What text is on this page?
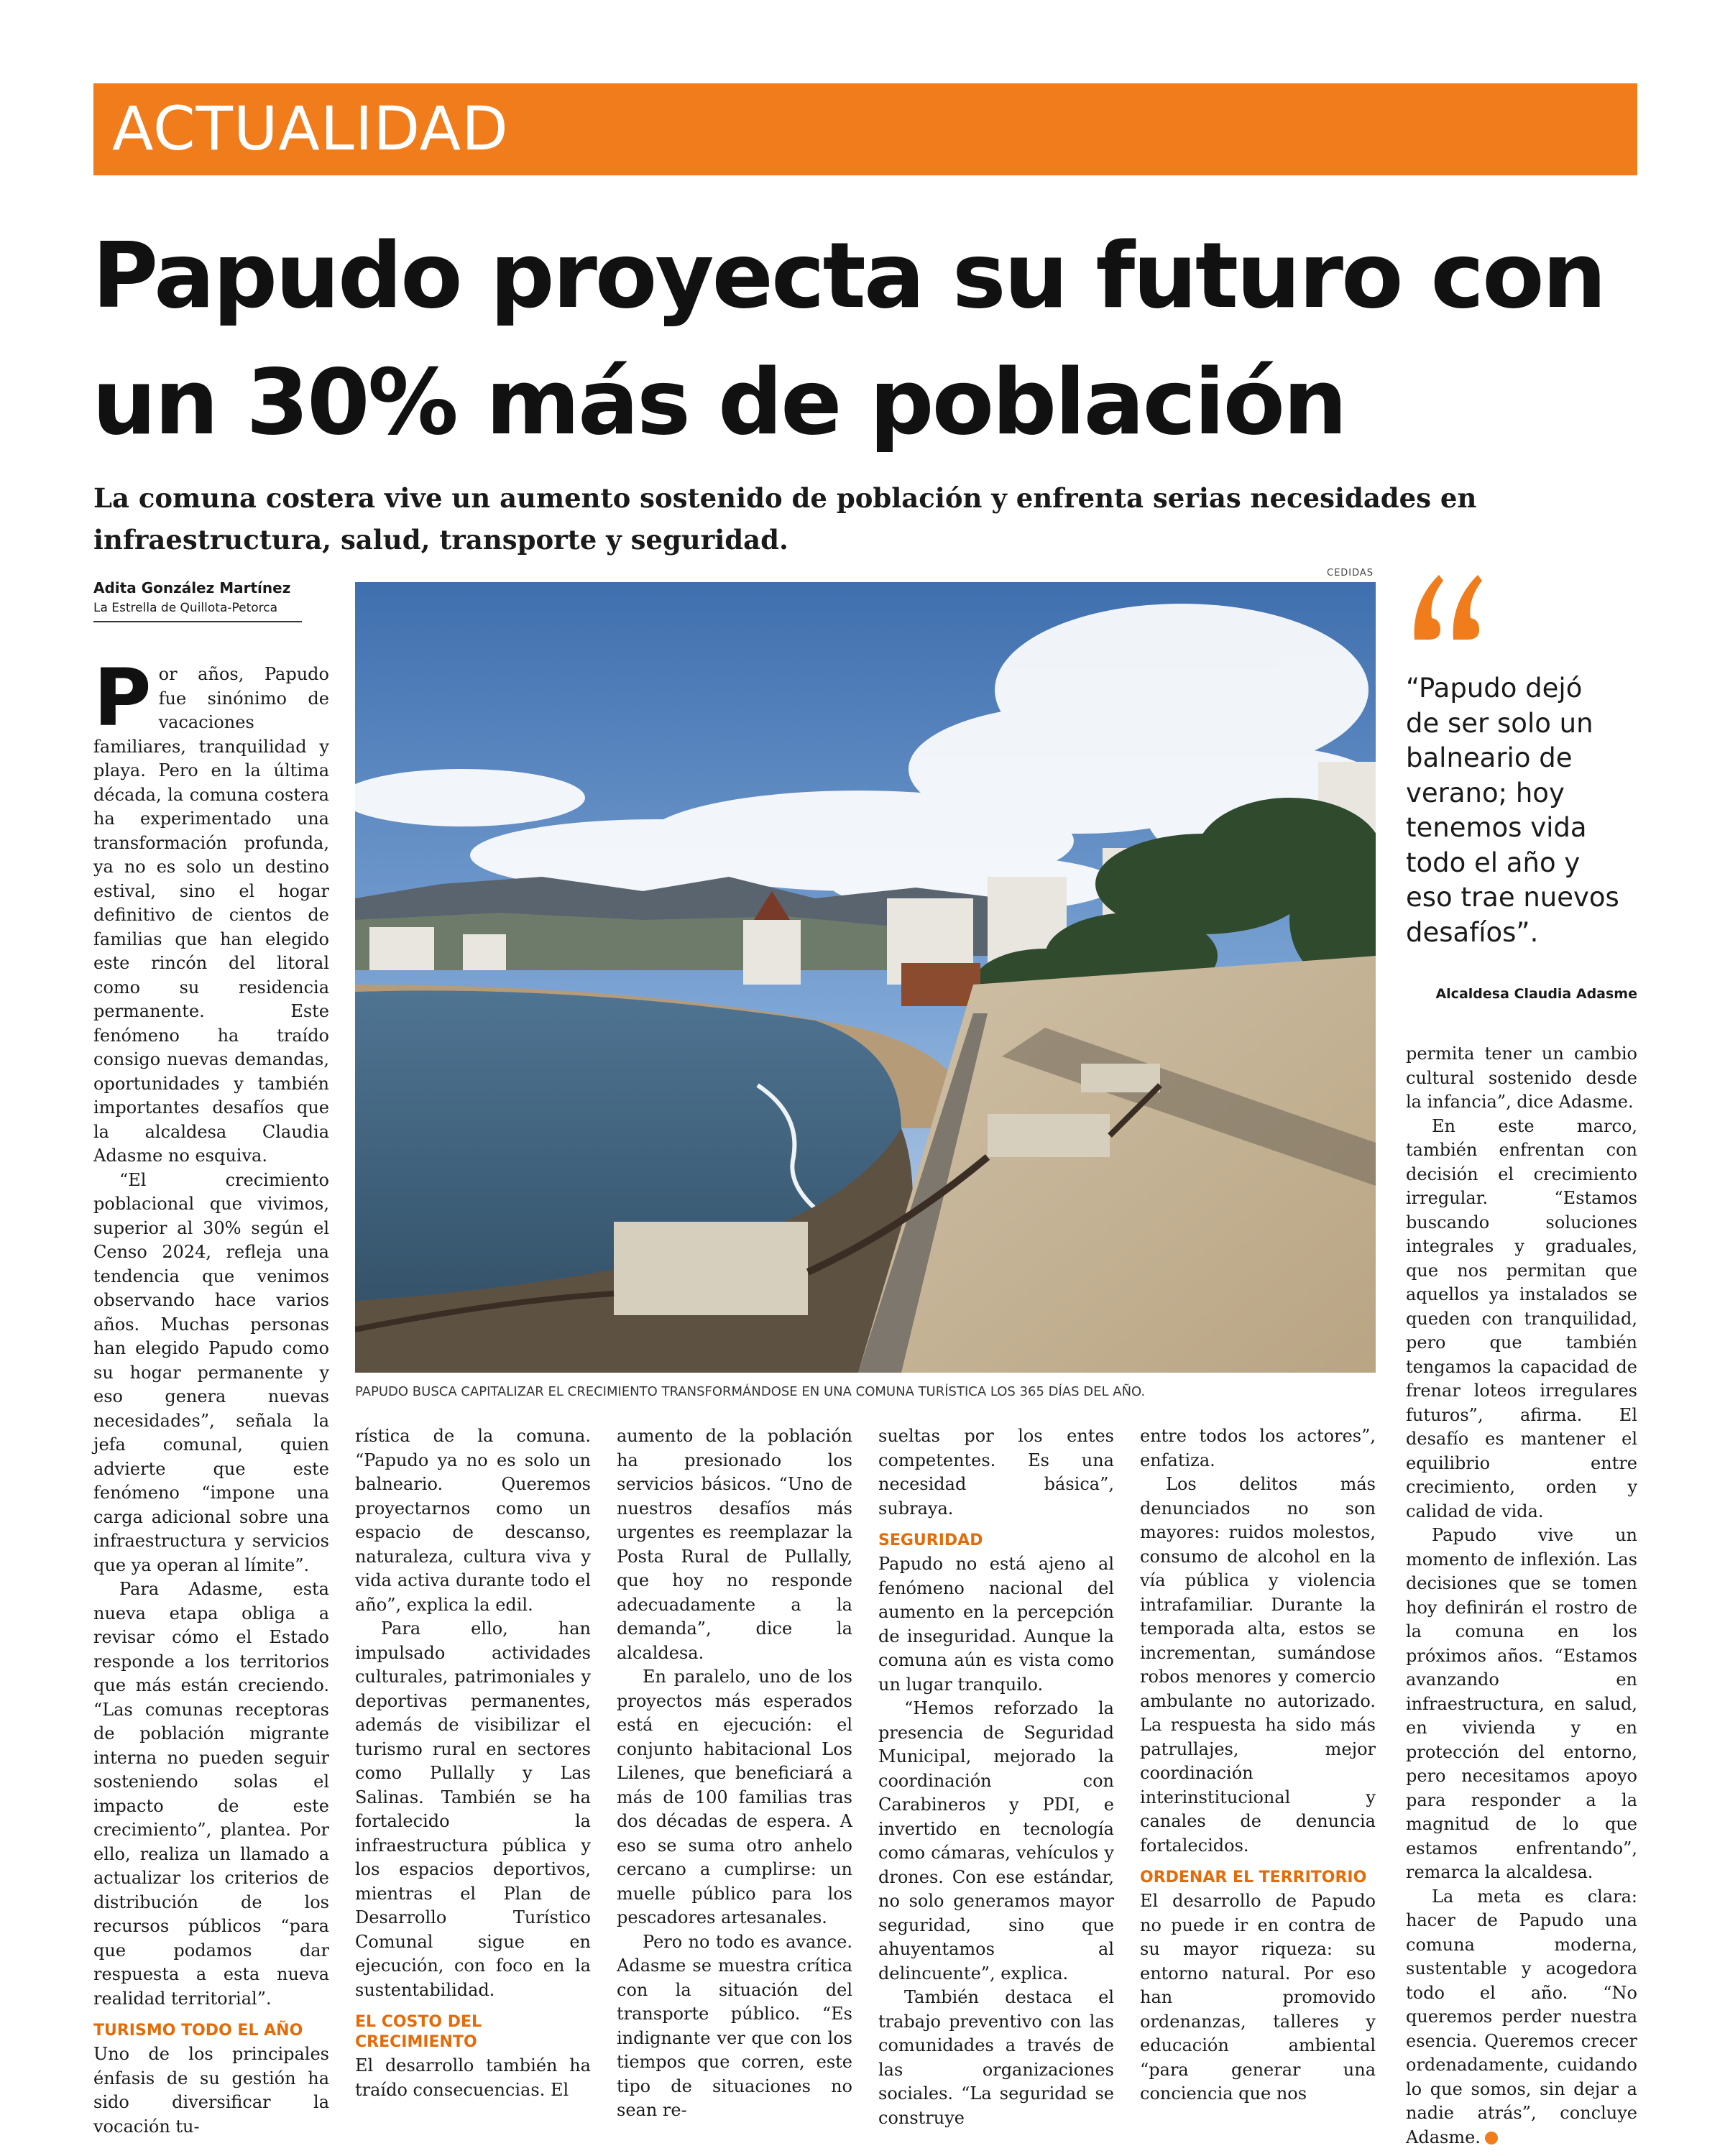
ACTUALIDAD
Papudo proyecta su futuro con
un 30% más de población

La comuna costera vive un aumento sostenido de población y enfrenta serias necesidades en infraestructura, salud, transporte y seguridad.

Adita González Martínez
La Estrella de Quillota-Petorca
CEDIDAS
PAPUDO BUSCA CAPITALIZAR EL CRECIMIENTO TRANSFORMÁNDOSE EN UNA COMUNA TURÍSTICA LOS 365 DÍAS DEL AÑO.

“Papudo dejó de ser solo un balneario de verano; hoy tenemos vida todo el año y eso trae nuevos desafíos”.

Alcaldesa Claudia Adasme

Por años, Papudo fue sinónimo de vacaciones familiares, tranquilidad y playa. Pero en la última década, la comuna costera ha experimentado una transformación profunda, ya no es solo un destino estival, sino el hogar definitivo de cientos de familias que han elegido este rincón del litoral como su residencia permanente. Este fenómeno ha traído consigo nuevas demandas, oportunidades y también importantes desafíos que la alcaldesa Claudia Adasme no esquiva.

“El crecimiento poblacional que vivimos, superior al 30% según el Censo 2024, refleja una tendencia que venimos observando hace varios años. Muchas personas han elegido Papudo como su hogar permanente y eso genera nuevas necesidades”, señala la jefa comunal, quien advierte que este fenómeno “impone una carga adicional sobre una infraestructura y servicios que ya operan al límite”.

Para Adasme, esta nueva etapa obliga a revisar cómo el Estado responde a los territorios que más están creciendo. “Las comunas receptoras de población migrante interna no pueden seguir sosteniendo solas el impacto de este crecimiento”, plantea. Por ello, realiza un llamado a actualizar los criterios de distribución de los recursos públicos “para que podamos dar respuesta a esta nueva realidad territorial”.

TURISMO TODO EL AÑO

Uno de los principales énfasis de su gestión ha sido diversificar la vocación tu-

rística de la comuna. “Papudo ya no es solo un balneario. Queremos proyectarnos como un espacio de descanso, naturaleza, cultura viva y vida activa durante todo el año”, explica la edil.

Para ello, han impulsado actividades culturales, patrimoniales y deportivas permanentes, además de visibilizar el turismo rural en sectores como Pullally y Las Salinas. También se ha fortalecido la infraestructura pública y los espacios deportivos, mientras el Plan de Desarrollo Turístico Comunal sigue en ejecución, con foco en la sustentabilidad.

EL COSTO DEL CRECIMIENTO

El desarrollo también ha traído consecuencias. El

aumento de la población ha presionado los servicios básicos. “Uno de nuestros desafíos más urgentes es reemplazar la Posta Rural de Pullally, que hoy no responde adecuadamente a la demanda”, dice la alcaldesa.

En paralelo, uno de los proyectos más esperados está en ejecución: el conjunto habitacional Los Lilenes, que beneficiará a más de 100 familias tras dos décadas de espera. A eso se suma otro anhelo cercano a cumplirse: un muelle público para los pescadores artesanales.

Pero no todo es avance. Adasme se muestra crítica con la situación del transporte público. “Es indignante ver que con los tiempos que corren, este tipo de situaciones no sean re-

sueltas por los entes competentes. Es una necesidad básica”, subraya.

SEGURIDAD

Papudo no está ajeno al fenómeno nacional del aumento en la percepción de inseguridad. Aunque la comuna aún es vista como un lugar tranquilo.

“Hemos reforzado la presencia de Seguridad Municipal, mejorado la coordinación con Carabineros y PDI, e invertido en tecnología como cámaras, vehículos y drones. Con ese estándar, no solo generamos mayor seguridad, sino que ahuyentamos al delincuente”, explica.

También destaca el trabajo preventivo con las comunidades a través de las organizaciones sociales. “La seguridad se construye

entre todos los actores”, enfatiza.

Los delitos más denunciados no son mayores: ruidos molestos, consumo de alcohol en la vía pública y violencia intrafamiliar. Durante la temporada alta, estos se incrementan, sumándose robos menores y comercio ambulante no autorizado. La respuesta ha sido más patrullajes, mejor coordinación interinstitucional y canales de denuncia fortalecidos.

ORDENAR EL TERRITORIO

El desarrollo de Papudo no puede ir en contra de su mayor riqueza: su entorno natural. Por eso han promovido ordenanzas, talleres y educación ambiental “para generar una conciencia que nos

permita tener un cambio cultural sostenido desde la infancia”, dice Adasme.

En este marco, también enfrentan con decisión el crecimiento irregular. “Estamos buscando soluciones integrales y graduales, que nos permitan que aquellos ya instalados se queden con tranquilidad, pero que también tengamos la capacidad de frenar loteos irregulares futuros”, afirma. El desafío es mantener el equilibrio entre crecimiento, orden y calidad de vida.

Papudo vive un momento de inflexión. Las decisiones que se tomen hoy definirán el rostro de la comuna en los próximos años. “Estamos avanzando en infraestructura, en salud, en vivienda y en protección del entorno, pero necesitamos apoyo para responder a la magnitud de lo que estamos enfrentando”, remarca la alcaldesa.

La meta es clara: hacer de Papudo una comuna moderna, sustentable y acogedora todo el año. “No queremos perder nuestra esencia. Queremos crecer ordenadamente, cuidando lo que somos, sin dejar a nadie atrás”, concluye Adasme.
